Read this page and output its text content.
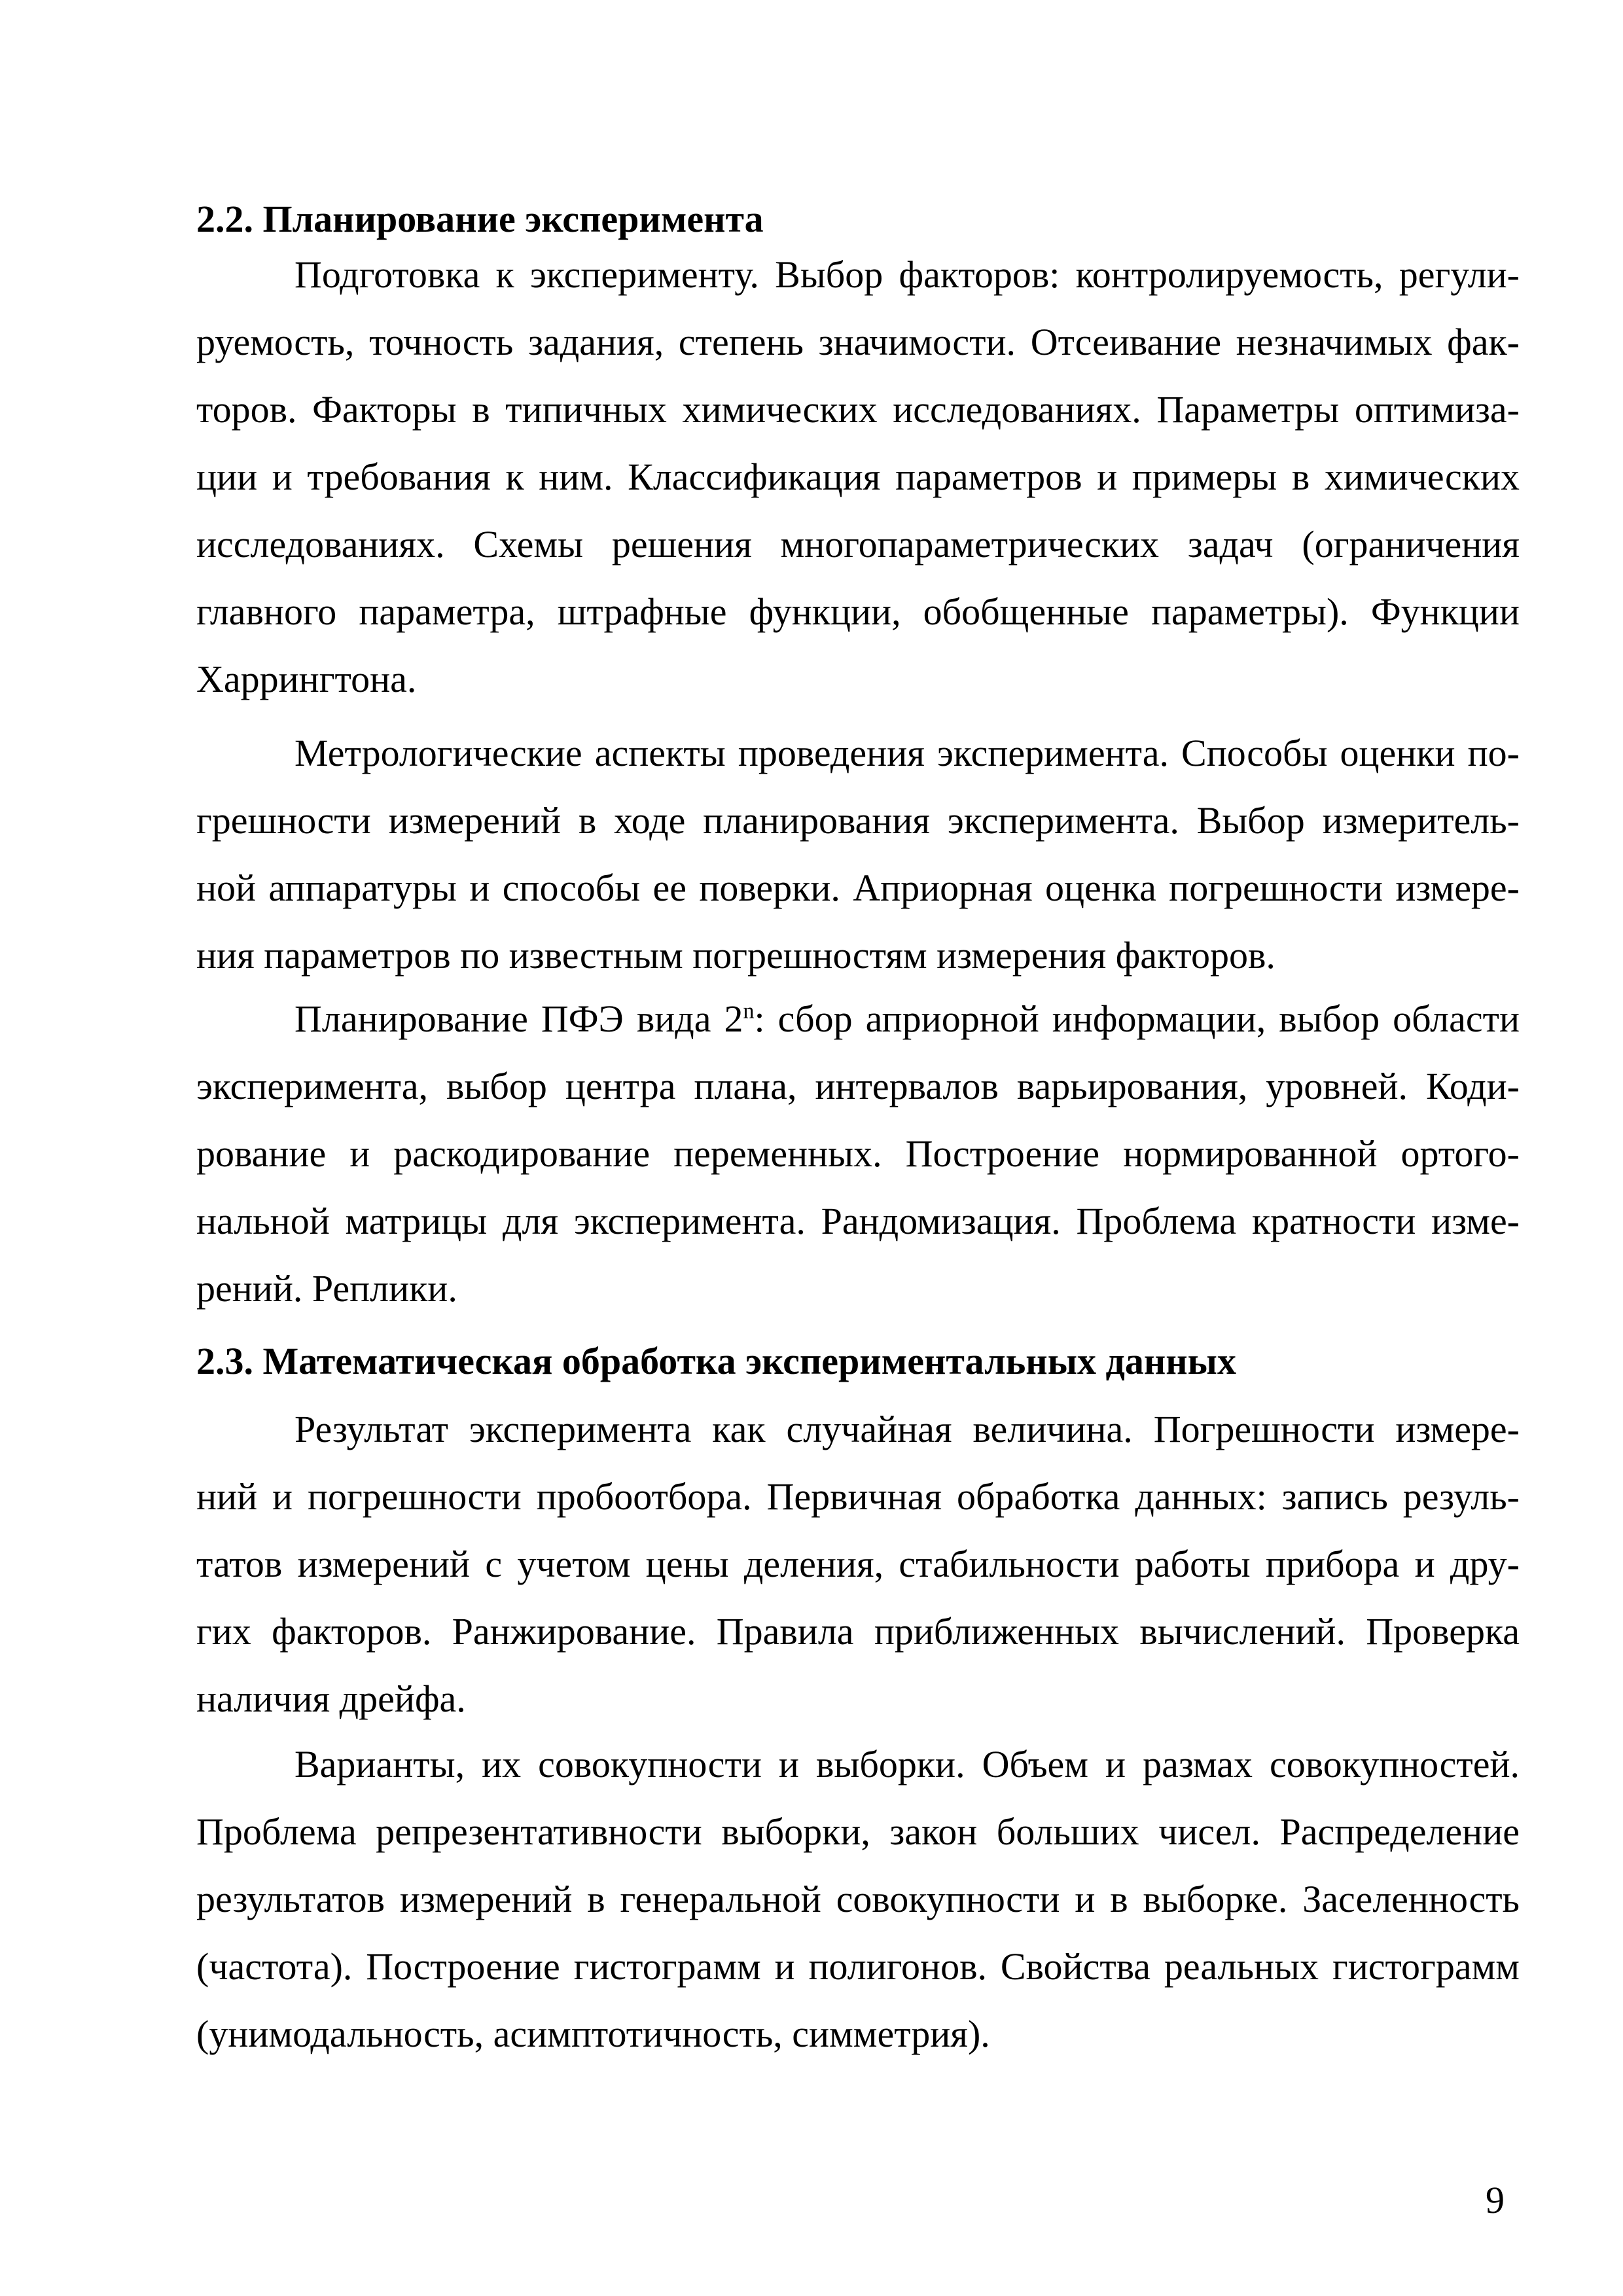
2.2. Планирование эксперимента
Подготовка к эксперименту. Выбор факторов: контролируемость, регули-
руемость, точность задания, степень значимости. Отсеивание незначимых фак-
торов. Факторы в типичных химических исследованиях. Параметры оптимиза-
ции и требования к ним. Классификация параметров и примеры в химических
исследованиях. Схемы решения многопараметрических задач (ограничения
главного параметра, штрафные функции, обобщенные параметры). Функции
Харрингтона.
Метрологические аспекты проведения эксперимента. Способы оценки по-
грешности измерений в ходе планирования эксперимента. Выбор измеритель-
ной аппаратуры и способы ее поверки. Априорная оценка погрешности измере-
ния параметров по известным погрешностям измерения факторов.
Планирование ПФЭ вида 2$^n$: сбор априорной информации, выбор области
эксперимента, выбор центра плана, интервалов варьирования, уровней. Коди-
рование и раскодирование переменных. Построение нормированной ортого-
нальной матрицы для эксперимента. Рандомизация. Проблема кратности изме-
рений. Реплики.
2.3. Математическая обработка экспериментальных данных
Результат эксперимента как случайная величина. Погрешности измере-
ний и погрешности пробоотбора. Первичная обработка данных: запись резуль-
татов измерений с учетом цены деления, стабильности работы прибора и дру-
гих факторов. Ранжирование. Правила приближенных вычислений. Проверка
наличия дрейфа.
Варианты, их совокупности и выборки. Объем и размах совокупностей.
Проблема репрезентативности выборки, закон больших чисел. Распределение
результатов измерений в генеральной совокупности и в выборке. Заселенность
(частота). Построение гистограмм и полигонов. Свойства реальных гистограмм
(унимодальность, асимптотичность, симметрия).
9
